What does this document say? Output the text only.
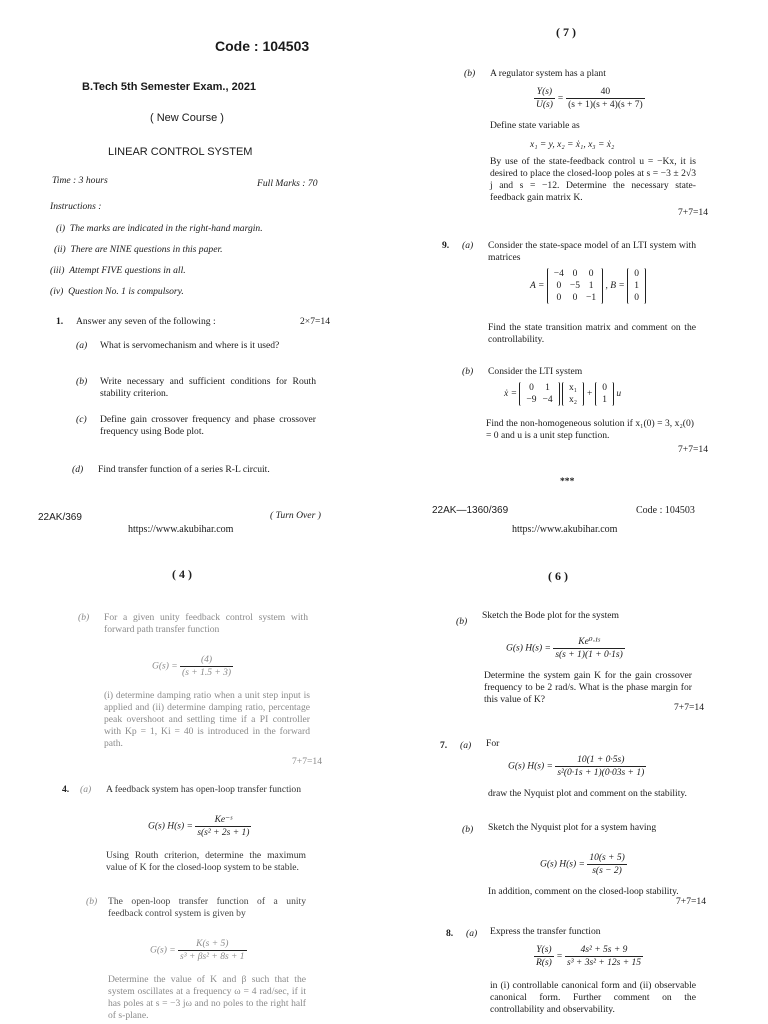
Code : 104503
B.Tech 5th Semester Exam., 2021
( New Course )
LINEAR CONTROL SYSTEM
Time : 3 hours	Full Marks : 70
Instructions :
(i) The marks are indicated in the right-hand margin.
(ii) There are NINE questions in this paper.
(iii) Attempt FIVE questions in all.
(iv) Question No. 1 is compulsory.
1. Answer any seven of the following :	2×7=14
(a) What is servomechanism and where is it used?
(b) Write necessary and sufficient conditions for Routh stability criterion.
(c) Define gain crossover frequency and phase crossover frequency using Bode plot.
(d) Find transfer function of a series R-L circuit.
22AK/369	( Turn Over )
https://www.akubihar.com
( 7 )
(b) A regulator system has a plant
$\frac{Y(s)}{U(s)} = \frac{40}{(s + 1)(s + 4)(s + 7)}$
Define state variable as
x₁ = y, x₂ = ẋ₁, x₃ = ẋ₂
By use of the state-feedback control u = −Kx, it is desired to place the closed-loop poles at s = −3 ± 2√3 j and s = −12. Determine the necessary state-feedback gain matrix K.
7+7=14
9. (a) Consider the state-space model of an LTI system with matrices
A =
−4	0	0
0	−5	1
0	0	−1
, B =
0
1
0
Find the state transition matrix and comment on the controllability.
(b) Consider the LTI system
ẋ =
0	1
−9	−4

x₁
x₂
+
0
1
u
Find the non-homogeneous solution if x₁(0) = 3, x₂(0) = 0 and u is a unit step function.
7+7=14
***
22AK—1360/369	Code : 104503
https://www.akubihar.com
( 4 )
(b) For a given unity feedback control system with forward path transfer function
$G(s) = \frac{(4)}{(s + 1.5 + 3)}$
(i) determine damping ratio when a unit step input is applied and (ii) determine damping ratio, percentage peak overshoot and settling time if a PI controller with Kp = 1, Ki = 40 is introduced in the forward path.
7+7=14
4. (a) A feedback system has open-loop transfer function
G(s) $H(s) = \frac{\text{Ke⁻ˢ}}{\text{s(s² + 2s + 1)}}$
Using Routh criterion, determine the maximum value of K for the closed-loop system to be stable.
(b) The open-loop transfer function of a unity feedback control system is given by
$G(s) = \frac{K(s + 5)}{\text{s³ + βs² + 8s + 1}}$
Determine the value of K and β such that the system oscillates at a frequency ω = 4 rad/sec, if it has poles at s = −3 jω and no poles to the right half of s-plane.
( 6 )
(b)
Sketch the Bode plot for the system
G(s) $H(s) = \frac{\text{Ke⁰·¹ˢ}}{s(s + 1)(1 + 0\cdot 1s)}$
Determine the system gain K for the gain crossover frequency to be 2 rad/s. What is the phase margin for this value of K?
7+7=14
7. (a) For
G(s) $H(s) = \frac{10(1 + 0\cdot 5s)}{\text{s²(0·1s + 1)(0·03s + 1)}}$
draw the Nyquist plot and comment on the stability.
(b) Sketch the Nyquist plot for a system having
G(s) $H(s) = \frac{10(s + 5)}{s(s - 2)}$
In addition, comment on the closed-loop stability.
7+7=14
8. (a) Express the transfer function
$\frac{Y(s)}{R(s)} = \frac{\text{4s² + 5s + 9}}{\text{s³ + 3s² + 12s + 15}}$
in (i) controllable canonical form and (ii) observable canonical form. Further comment on the controllability and observability.
